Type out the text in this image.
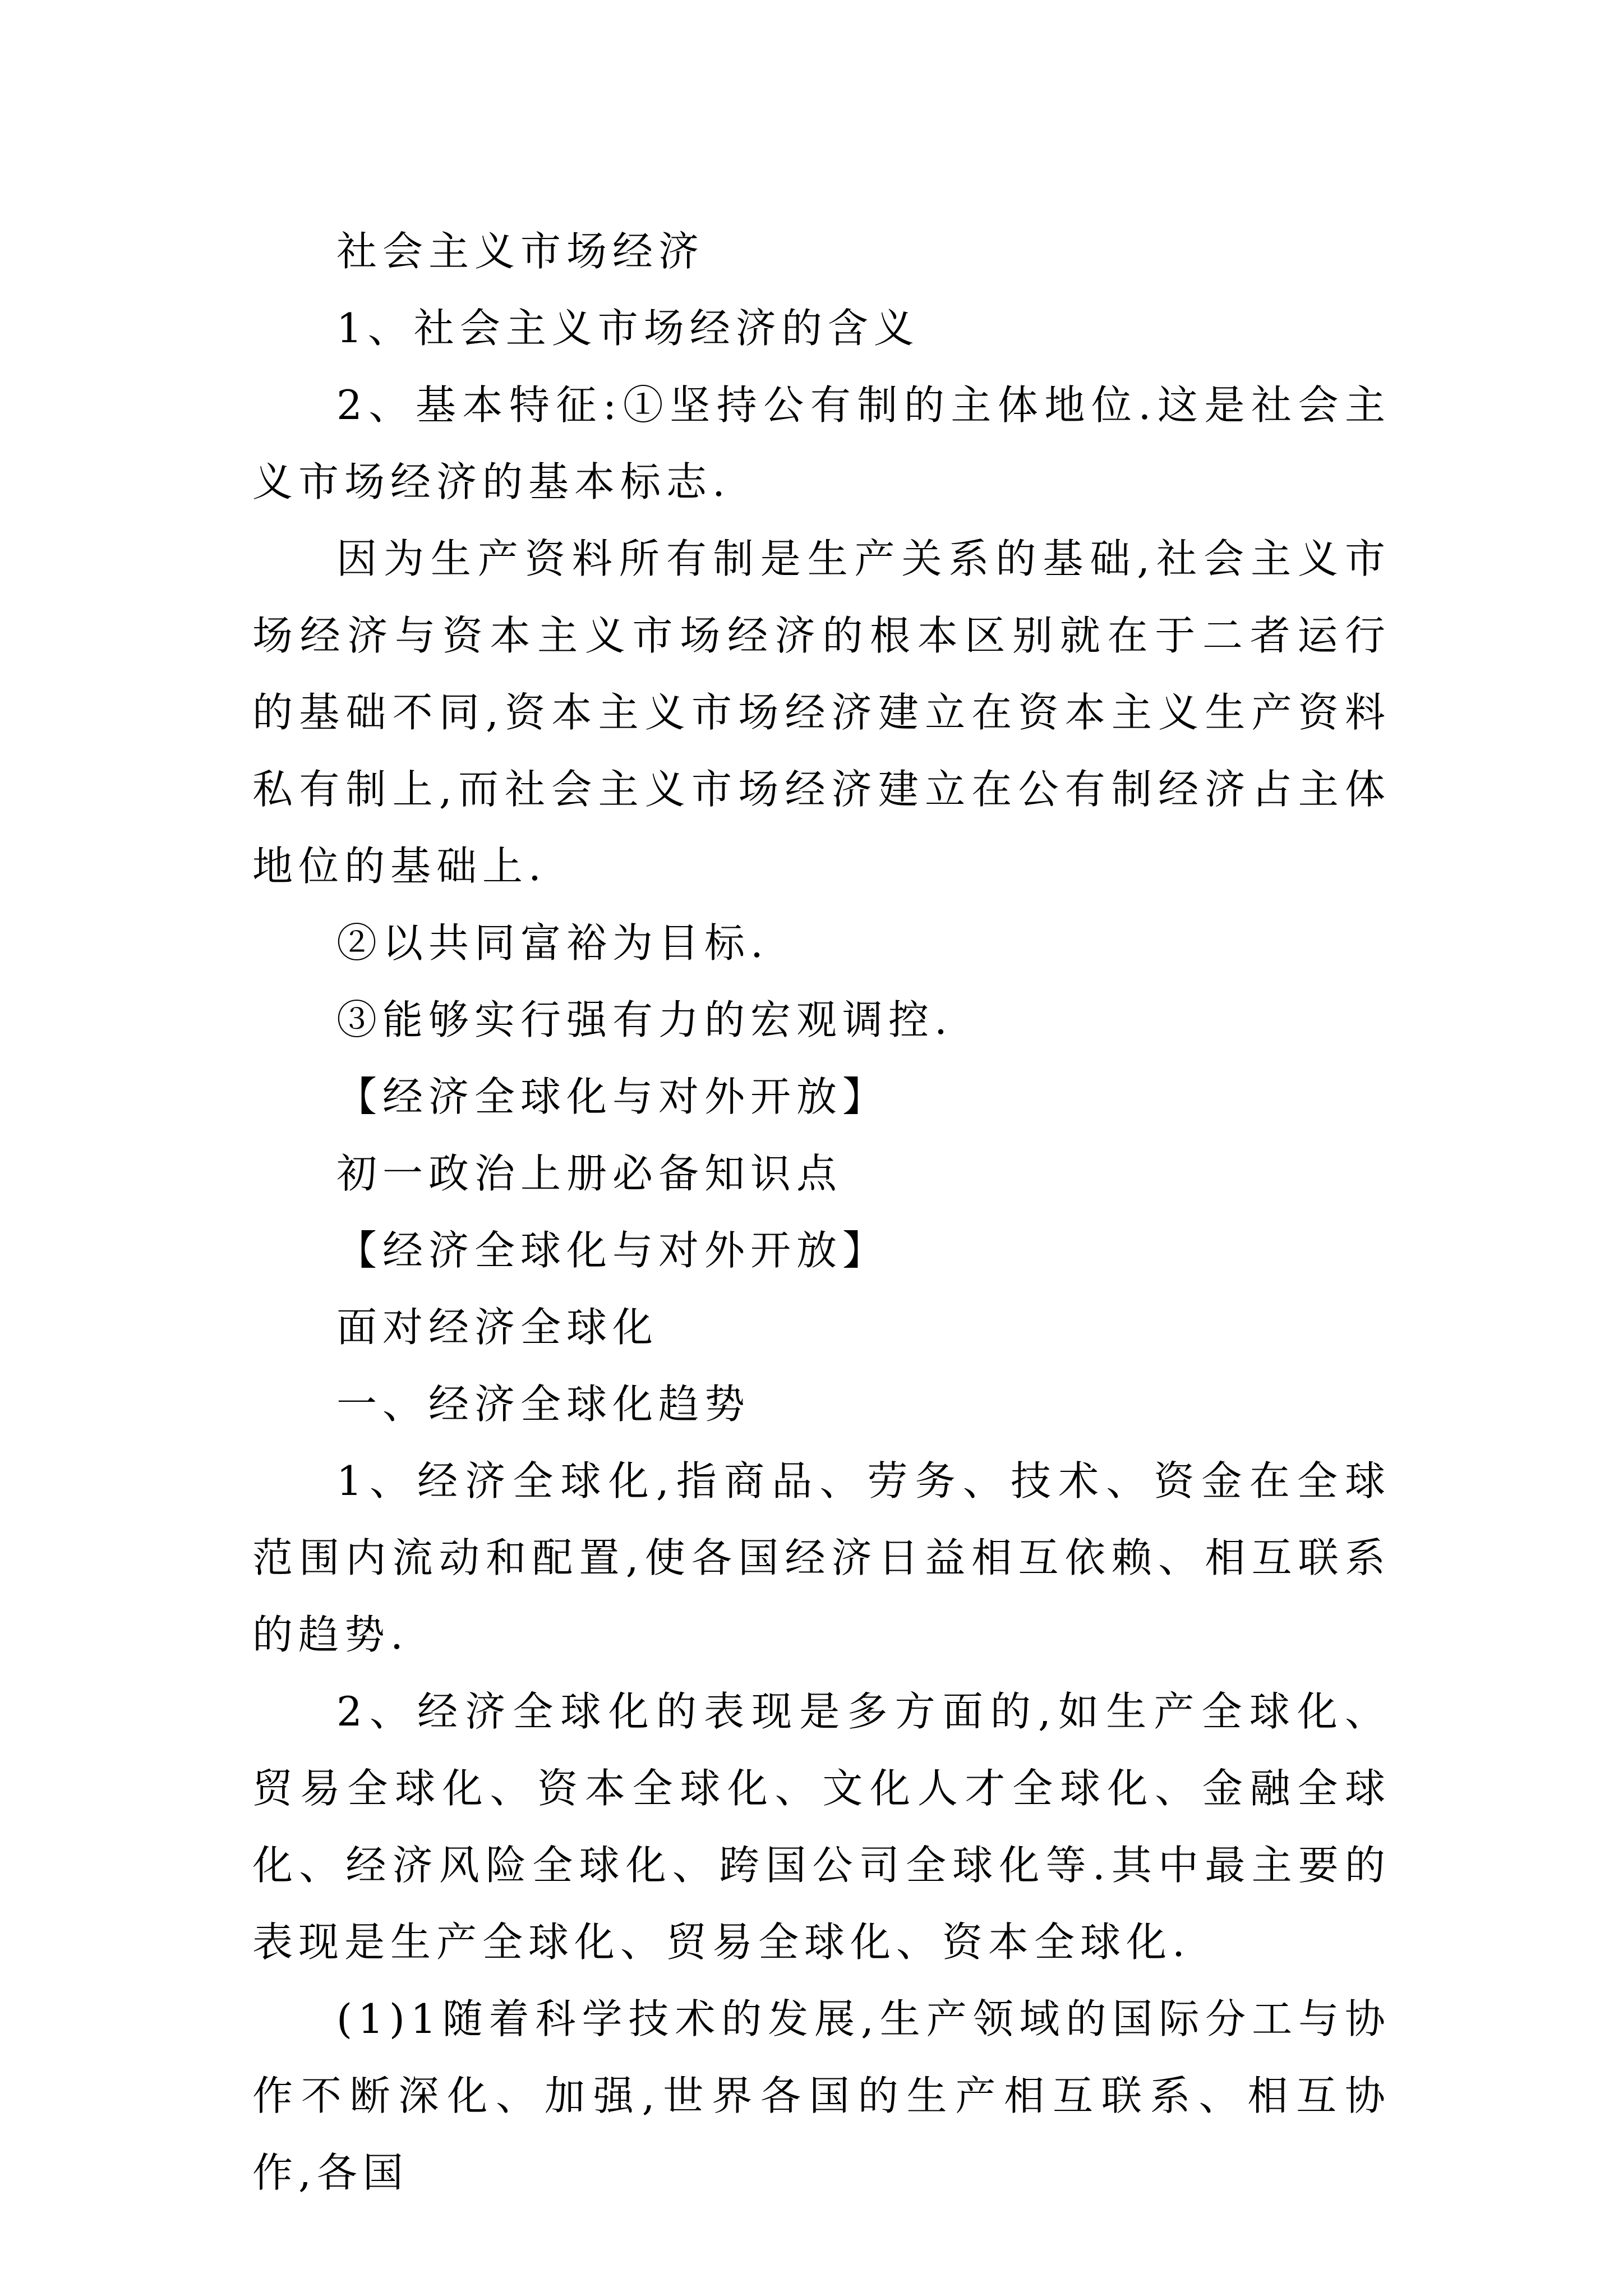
社会主义市场经济

1、社会主义市场经济的含义

2、基本特征:①坚持公有制的主体地位.这是社会主义市场经济的基本标志.

因为生产资料所有制是生产关系的基础,社会主义市场经济与资本主义市场经济的根本区别就在于二者运行的基础不同,资本主义市场经济建立在资本主义生产资料私有制上,而社会主义市场经济建立在公有制经济占主体地位的基础上.

②以共同富裕为目标.

③能够实行强有力的宏观调控.

【经济全球化与对外开放】

初一政治上册必备知识点

【经济全球化与对外开放】

面对经济全球化

一、经济全球化趋势

1、经济全球化,指商品、劳务、技术、资金在全球范围内流动和配置,使各国经济日益相互依赖、相互联系的趋势.

2、经济全球化的表现是多方面的,如生产全球化、贸易全球化、资本全球化、文化人才全球化、金融全球化、经济风险全球化、跨国公司全球化等.其中最主要的表现是生产全球化、贸易全球化、资本全球化.

(1)1随着科学技术的发展,生产领域的国际分工与协作不断深化、加强,世界各国的生产相互联系、相互协作,各国
